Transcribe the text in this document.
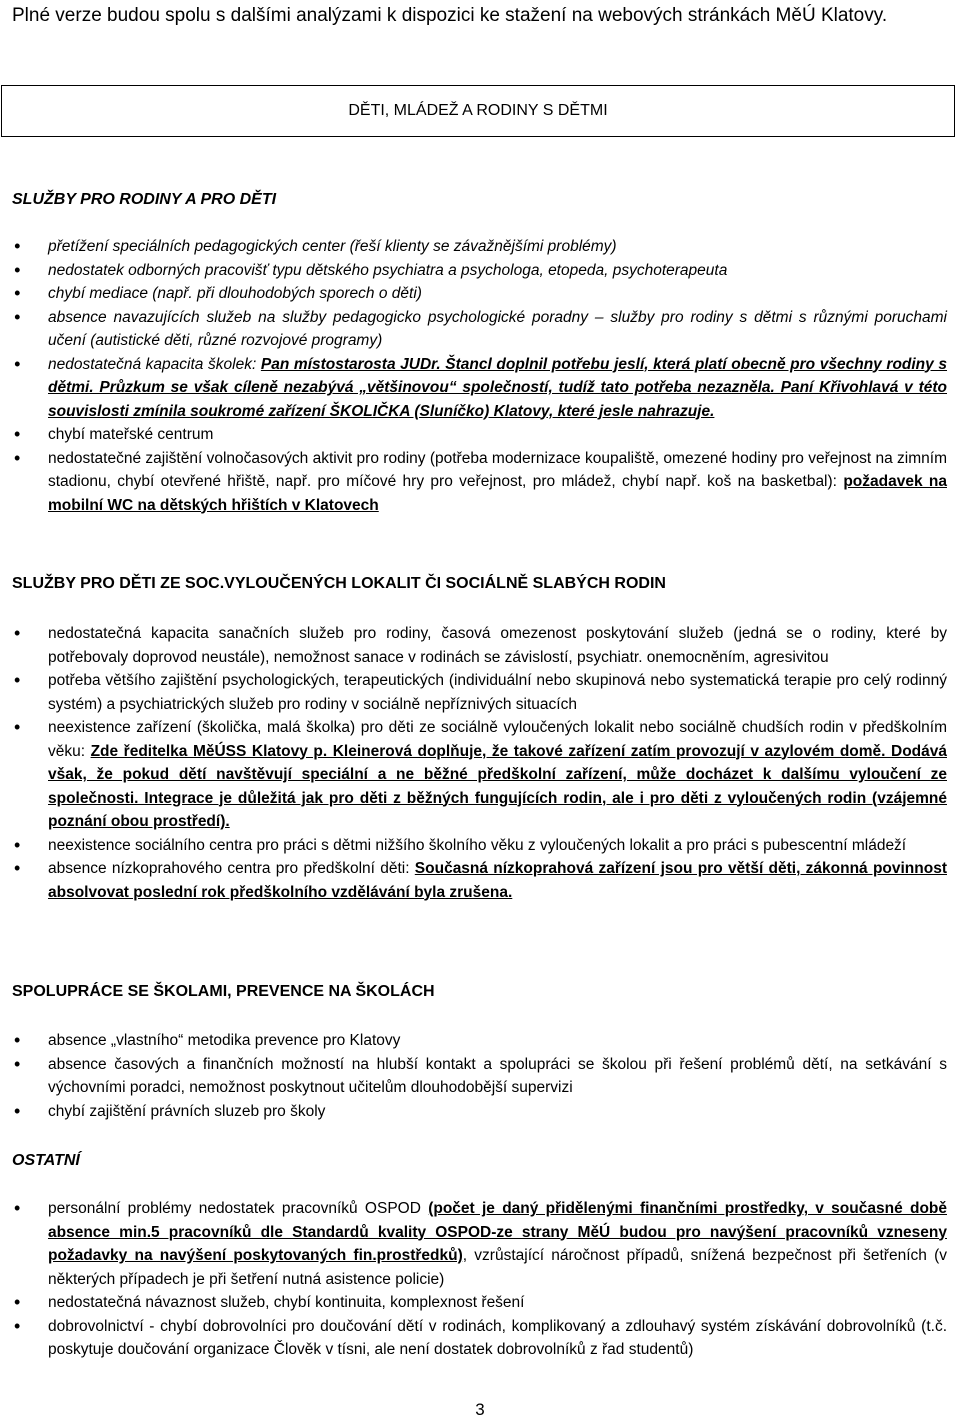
Plné verze budou spolu s dalšími analýzami k dispozici ke stažení na webových stránkách MěÚ Klatovy.

DĚTI, MLÁDEŽ A RODINY S DĚTMI
SLUŽBY PRO RODINY A PRO DĚTI
• přetížení speciálních pedagogických center (řeší klienty se závažnějšími problémy)
• nedostatek odborných pracovišť typu dětského psychiatra a psychologa, etopeda, psychoterapeuta
• chybí mediace (např. při dlouhodobých sporech o děti)
• absence navazujících služeb na služby pedagogicko psychologické poradny – služby pro rodiny s dětmi s různými poruchami učení (autistické děti, různé rozvojové programy)
• nedostatečná kapacita školek: Pan místostarosta JUDr. Štancl doplnil potřebu jeslí, která platí obecně pro všechny rodiny s dětmi. Průzkum se však cíleně nezabývá „většinovou“ společností, tudíž tato potřeba nezazněla. Paní Křivohlavá v této souvislosti zmínila soukromé zařízení ŠKOLIČKA (Sluníčko) Klatovy, které jesle nahrazuje.
• chybí mateřské centrum
• nedostatečné zajištění volnočasových aktivit pro rodiny (potřeba modernizace koupaliště, omezené hodiny pro veřejnost na zimním stadionu, chybí otevřené hřiště, např. pro míčové hry pro veřejnost, pro mládež, chybí např. koš na basketbal): požadavek na mobilní WC na dětských hřištích v Klatovech
SLUŽBY PRO DĚTI ZE SOC.VYLOUČENÝCH LOKALIT ČI SOCIÁLNĚ SLABÝCH RODIN
• nedostatečná kapacita sanačních služeb pro rodiny, časová omezenost poskytování služeb (jedná se o rodiny, které by potřebovaly doprovod neustále), nemožnost sanace v rodinách se závislostí, psychiatr. onemocněním, agresivitou
• potřeba většího zajištění psychologických, terapeutických (individuální nebo skupinová nebo systematická terapie pro celý rodinný systém) a psychiatrických služeb pro rodiny v sociálně nepříznivých situacích
• neexistence zařízení (školička, malá školka) pro děti ze sociálně vyloučených lokalit nebo sociálně chudších rodin v předškolním věku: Zde ředitelka MěÚSS Klatovy p. Kleinerová doplňuje, že takové zařízení zatím provozují v azylovém domě. Dodává však, že pokud dětí navštěvují speciální a ne běžné předškolní zařízení, může docházet k dalšímu vyloučení ze společnosti. Integrace je důležitá jak pro děti z běžných fungujících rodin, ale i pro děti z vyloučených rodin (vzájemné poznání obou prostředí).
• neexistence sociálního centra pro práci s dětmi nižšího školního věku z vyloučených lokalit a pro práci s pubescentní mládeží
• absence nízkoprahového centra pro předškolní děti: Současná nízkoprahová zařízení jsou pro větší děti, zákonná povinnost absolvovat poslední rok předškolního vzdělávání byla zrušena.
SPOLUPRÁCE SE ŠKOLAMI, PREVENCE NA ŠKOLÁCH
• absence „vlastního“ metodika prevence pro Klatovy
• absence časových a finančních možností na hlubší kontakt a spolupráci se školou při řešení problémů dětí, na setkávání s výchovními poradci, nemožnost poskytnout učitelům dlouhodobější supervizi
• chybí zajištění právních sluzeb pro školy
OSTATNÍ
• personální problémy nedostatek pracovníků OSPOD (počet je daný přidělenými finančními prostředky, v současné době absence min.5 pracovníků dle Standardů kvality OSPOD-ze strany MěÚ budou pro navýšení pracovníků vzneseny požadavky na navýšení poskytovaných fin.prostředků), vzrůstající náročnost případů, snížená bezpečnost při šetřeních (v některých případech je při šetření nutná asistence policie)
• nedostatečná návaznost služeb, chybí kontinuita, komplexnost řešení
• dobrovolnictví - chybí dobrovolníci pro doučování dětí v rodinách, komplikovaný a zdlouhavý systém získávání dobrovolníků (t.č. poskytuje doučování organizace Člověk v tísni, ale není dostatek dobrovolníků z řad studentů)
3
